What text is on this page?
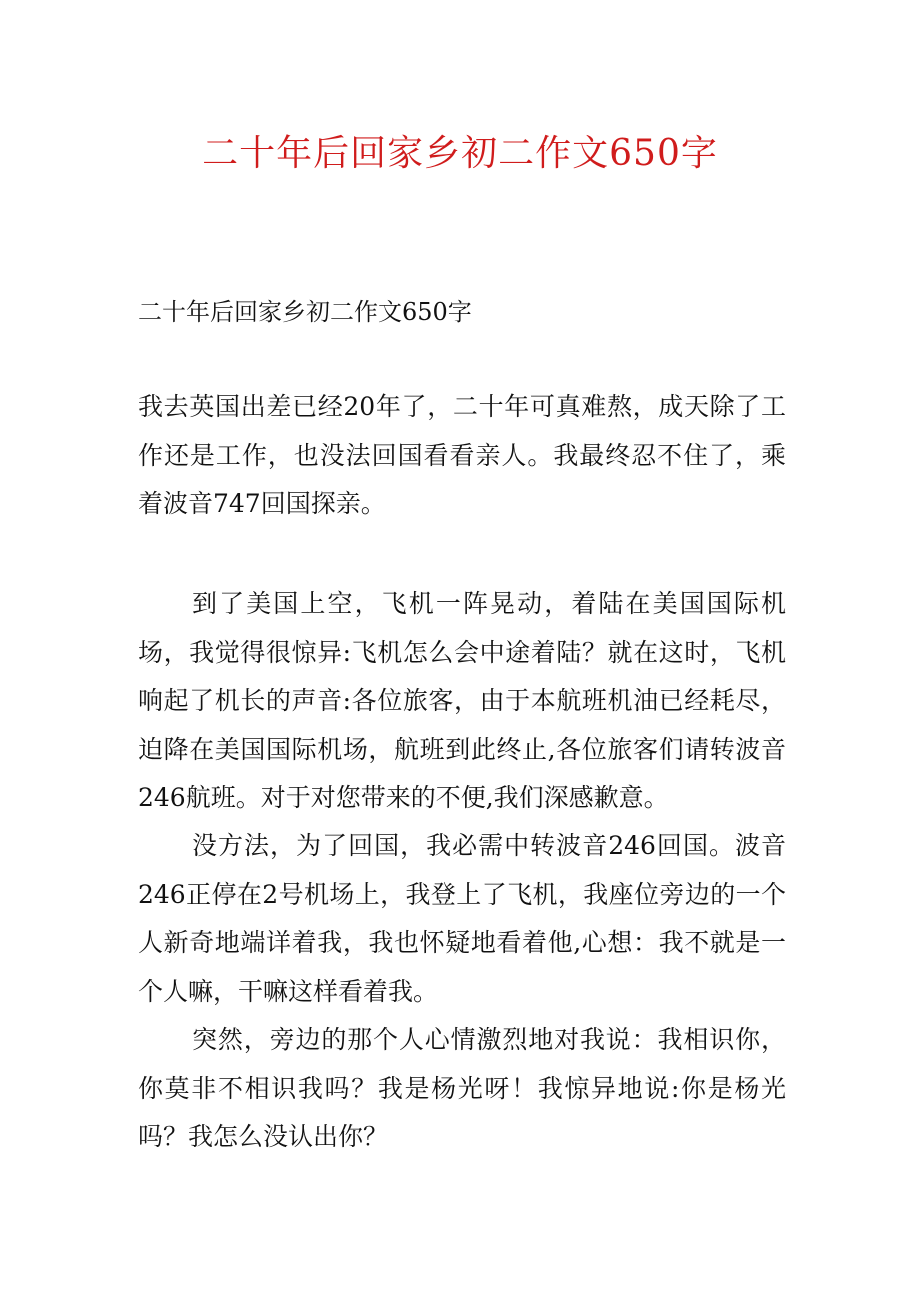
二十年后回家乡初二作文650字

二十年后回家乡初二作文650字

我去英国出差已经20年了，二十年可真难熬，成天除了工作还是工作，也没法回国看看亲人。我最终忍不住了，乘着波音747回国探亲。

到了美国上空，飞机一阵晃动，着陆在美国国际机场，我觉得很惊异:飞机怎么会中途着陆？就在这时，飞机响起了机长的声音:各位旅客，由于本航班机油已经耗尽，迫降在美国国际机场，航班到此终止,各位旅客们请转波音246航班。对于对您带来的不便,我们深感歉意。

没方法，为了回国，我必需中转波音246回国。波音246正停在2号机场上，我登上了飞机，我座位旁边的一个人新奇地端详着我，我也怀疑地看着他,心想：我不就是一个人嘛，干嘛这样看着我。

突然，旁边的那个人心情激烈地对我说：我相识你，你莫非不相识我吗？我是杨光呀！我惊异地说:你是杨光吗？我怎么没认出你？
